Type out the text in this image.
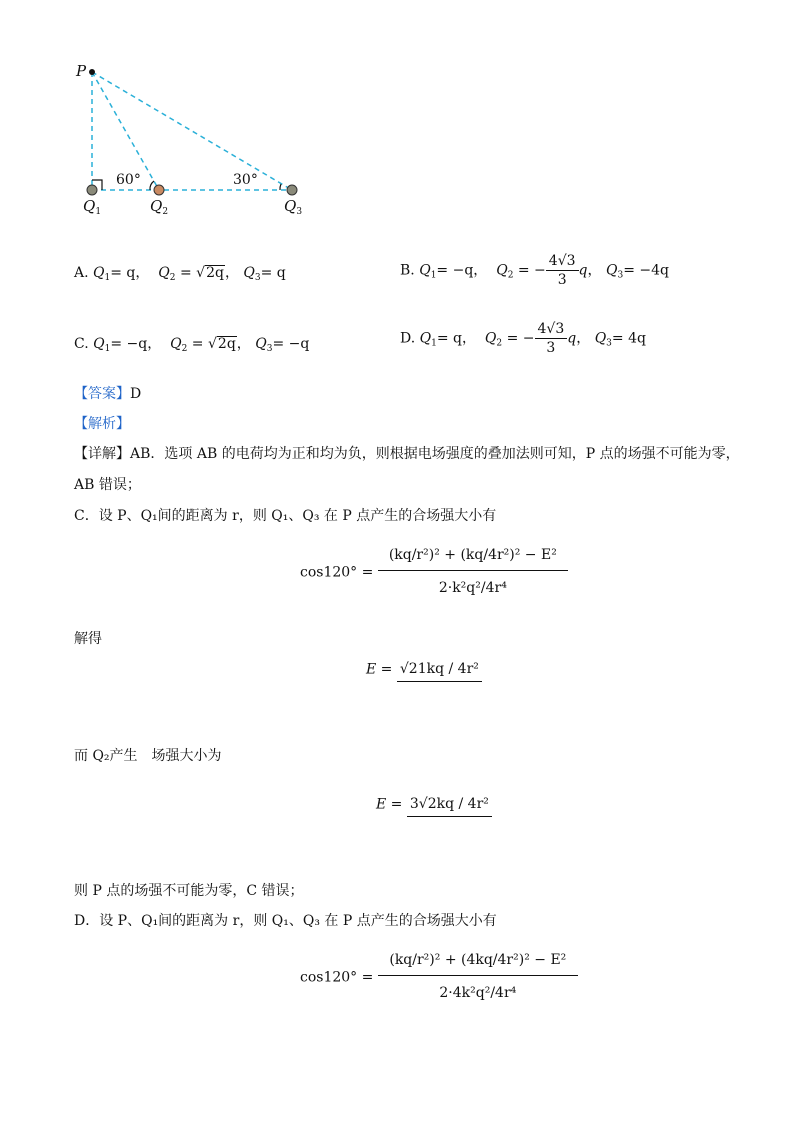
P
60°	30°
$Q_1$	$Q_2$	$Q_3$
A. $Q_1= q$， $Q_2 = √2q$， $Q_3= q$	B. $Q_1= -q$， $Q_2$ = − $\frac{4√3}{3}$ q， $Q_3= -4q$
C. $Q_1= -q$， $Q_2 = √2q$， $Q_3= -q$	D. $Q_1= q$， $Q_2$ = − $\frac{4√3}{3}$ q， $Q_3= 4q$
【答案】D
【解析】
【详解】AB．选项 AB 的电荷均为正和均为负，则根据电场强度的叠加法则可知，P 点的场强不可能为零，
AB 错误；
C．设 P、Q₁间的距离为 r，则 Q₁、Q₃ 在 P 点产生的合场强大小有
$\cos 120^\circ = \frac{\text{(kq/r²)² + (kq/4r²)² − E²}}{\text{2·k²q²/4r⁴}}$
解得
E = √21kq / 4r²
而 Q₂产生　场强大小为
E = 3√2kq / 4r²
则 P 点的场强不可能为零，C 错误；
D．设 P、Q₁间的距离为 r，则 Q₁、Q₃ 在 P 点产生的合场强大小有
$\cos 120^\circ = \frac{\text{(kq/r²)² + (4kq/4r²)² − E²}}{\text{2·4k²q²/4r⁴}}$
